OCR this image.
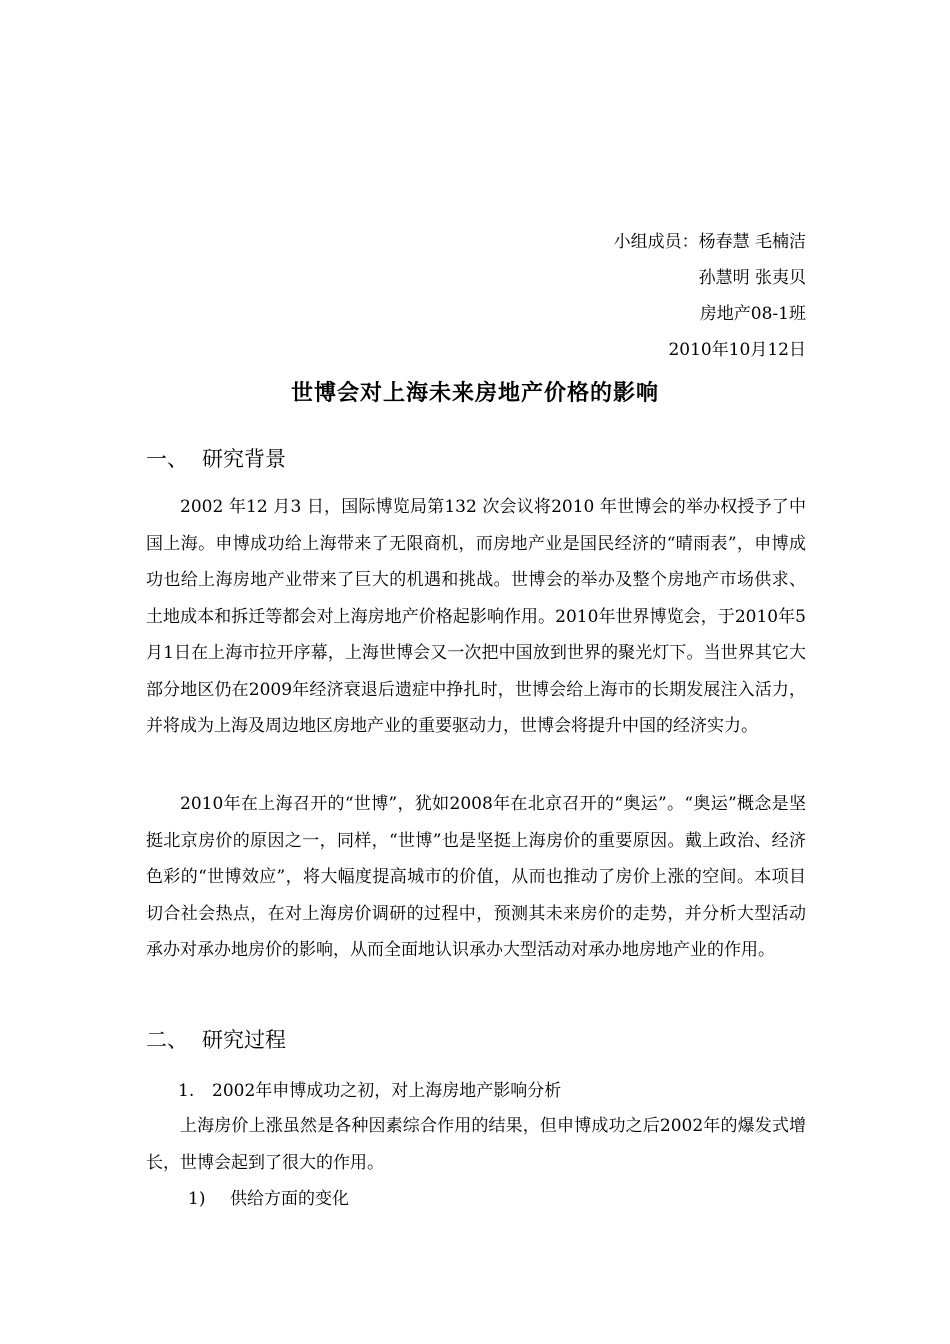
小组成员：杨春慧 毛楠洁
孙慧明 张夷贝
房地产08-1班
2010年10月12日
世博会对上海未来房地产价格的影响
一、 研究背景

2002 年12 月3 日，国际博览局第132 次会议将2010 年世博会的举办权授予了中国上海。申博成功给上海带来了无限商机，而房地产业是国民经济的“晴雨表”，申博成功也给上海房地产业带来了巨大的机遇和挑战。世博会的举办及整个房地产市场供求、土地成本和拆迁等都会对上海房地产价格起影响作用。2010年世界博览会，于2010年5月1日在上海市拉开序幕，上海世博会又一次把中国放到世界的聚光灯下。当世界其它大部分地区仍在2009年经济衰退后遗症中挣扎时，世博会给上海市的长期发展注入活力，并将成为上海及周边地区房地产业的重要驱动力，世博会将提升中国的经济实力。

2010年在上海召开的“世博”，犹如2008年在北京召开的“奥运”。“奥运”概念是坚挺北京房价的原因之一，同样，“世博”也是坚挺上海房价的重要原因。戴上政治、经济色彩的“世博效应”，将大幅度提高城市的价值，从而也推动了房价上涨的空间。本项目切合社会热点，在对上海房价调研的过程中，预测其未来房价的走势，并分析大型活动承办对承办地房价的影响，从而全面地认识承办大型活动对承办地房地产业的作用。

二、 研究过程
1. 2002年申博成功之初，对上海房地产影响分析

上海房价上涨虽然是各种因素综合作用的结果，但申博成功之后2002年的爆发式增长，世博会起到了很大的作用。

1) 供给方面的变化
